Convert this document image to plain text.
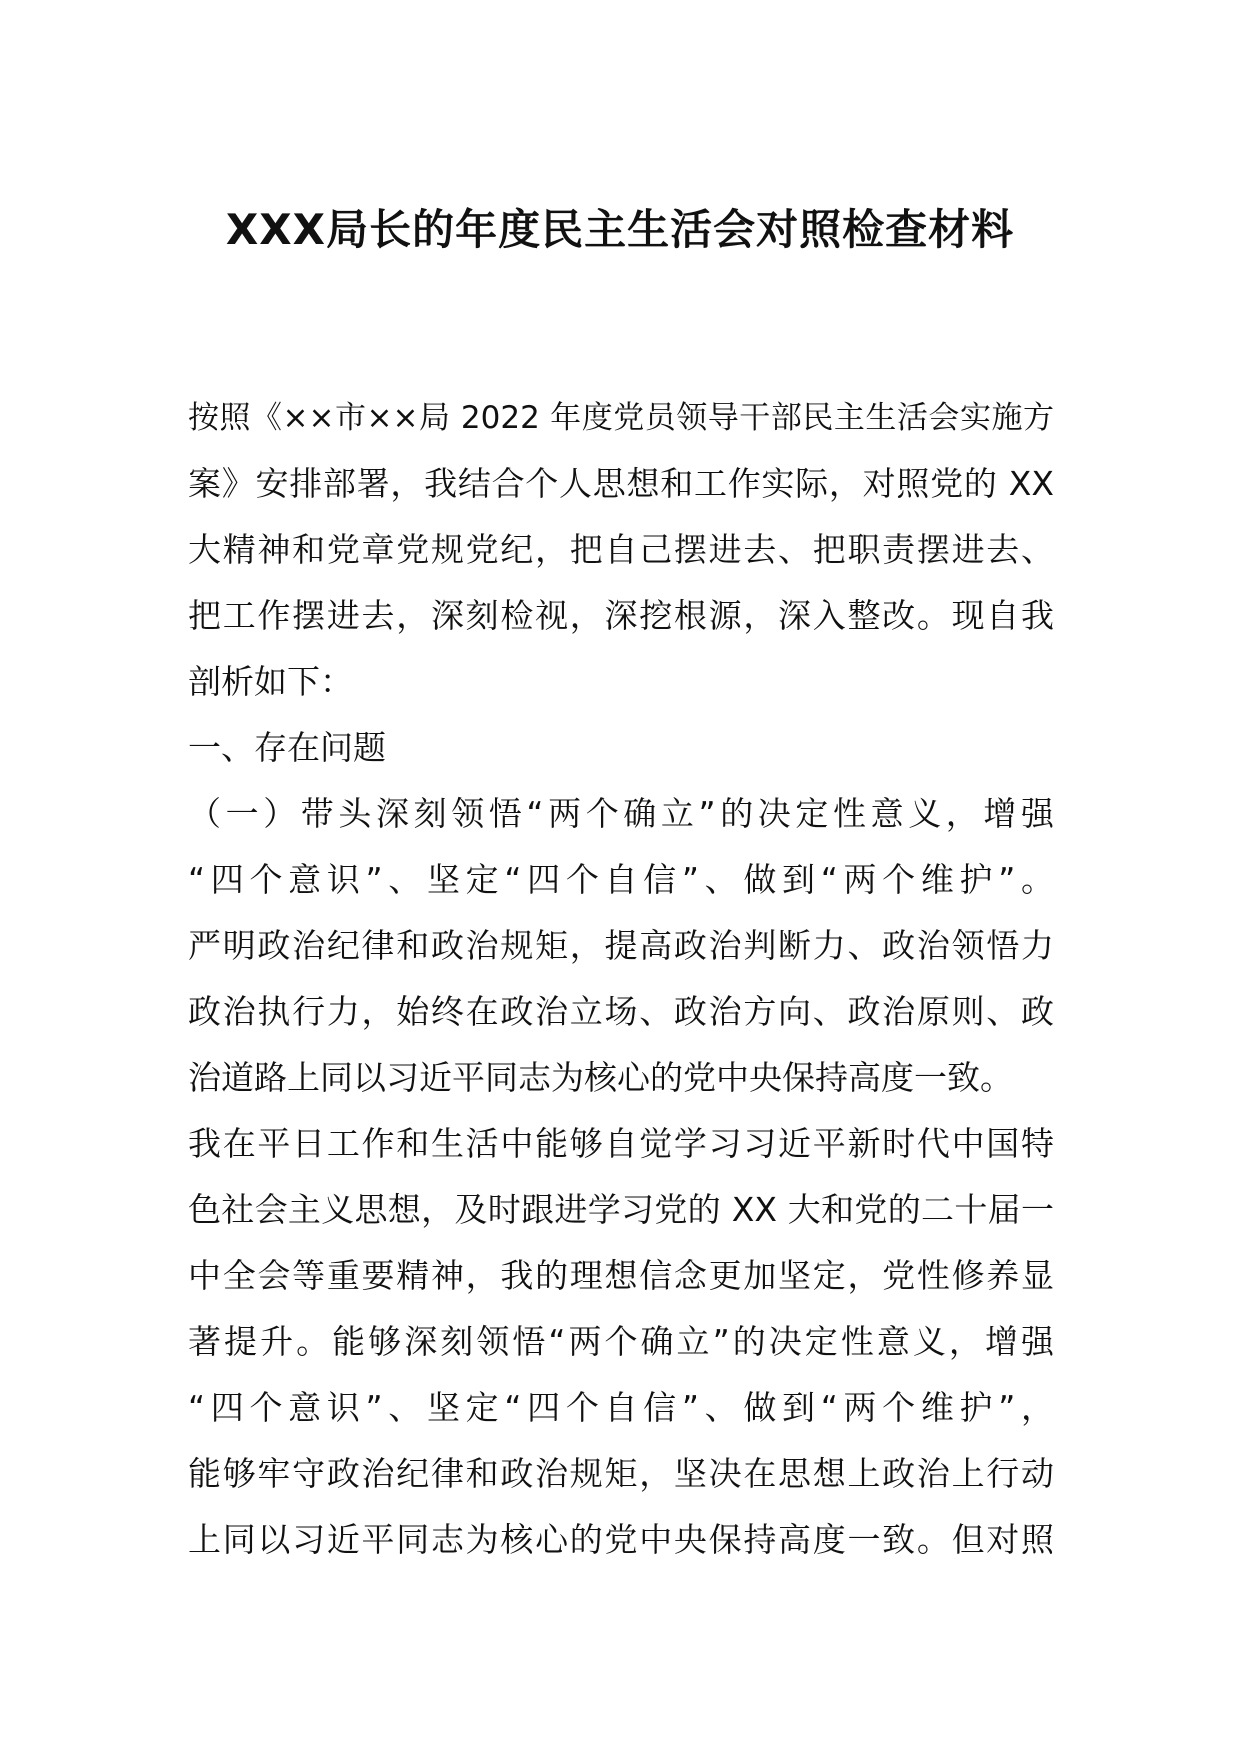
XXX局长的年度民主生活会对照检查材料
按照《××市××局 2022 年度党员领导干部民主生活会实施方
案》安排部署，我结合个人思想和工作实际，对照党的 XX
大精神和党章党规党纪，把自己摆进去、把职责摆进去、
把工作摆进去，深刻检视，深挖根源，深入整改。现自我
剖析如下：
一、存在问题
（一）带头深刻领悟“两个确立”的决定性意义，增强
“四个意识”、坚定“四个自信”、做到“两个维护”。
严明政治纪律和政治规矩，提高政治判断力、政治领悟力
政治执行力，始终在政治立场、政治方向、政治原则、政
治道路上同以习近平同志为核心的党中央保持高度一致。
我在平日工作和生活中能够自觉学习习近平新时代中国特
色社会主义思想，及时跟进学习党的 XX 大和党的二十届一
中全会等重要精神，我的理想信念更加坚定，党性修养显
著提升。能够深刻领悟“两个确立”的决定性意义，增强
“四个意识”、坚定“四个自信”、做到“两个维护”，
能够牢守政治纪律和政治规矩，坚决在思想上政治上行动
上同以习近平同志为核心的党中央保持高度一致。但对照
